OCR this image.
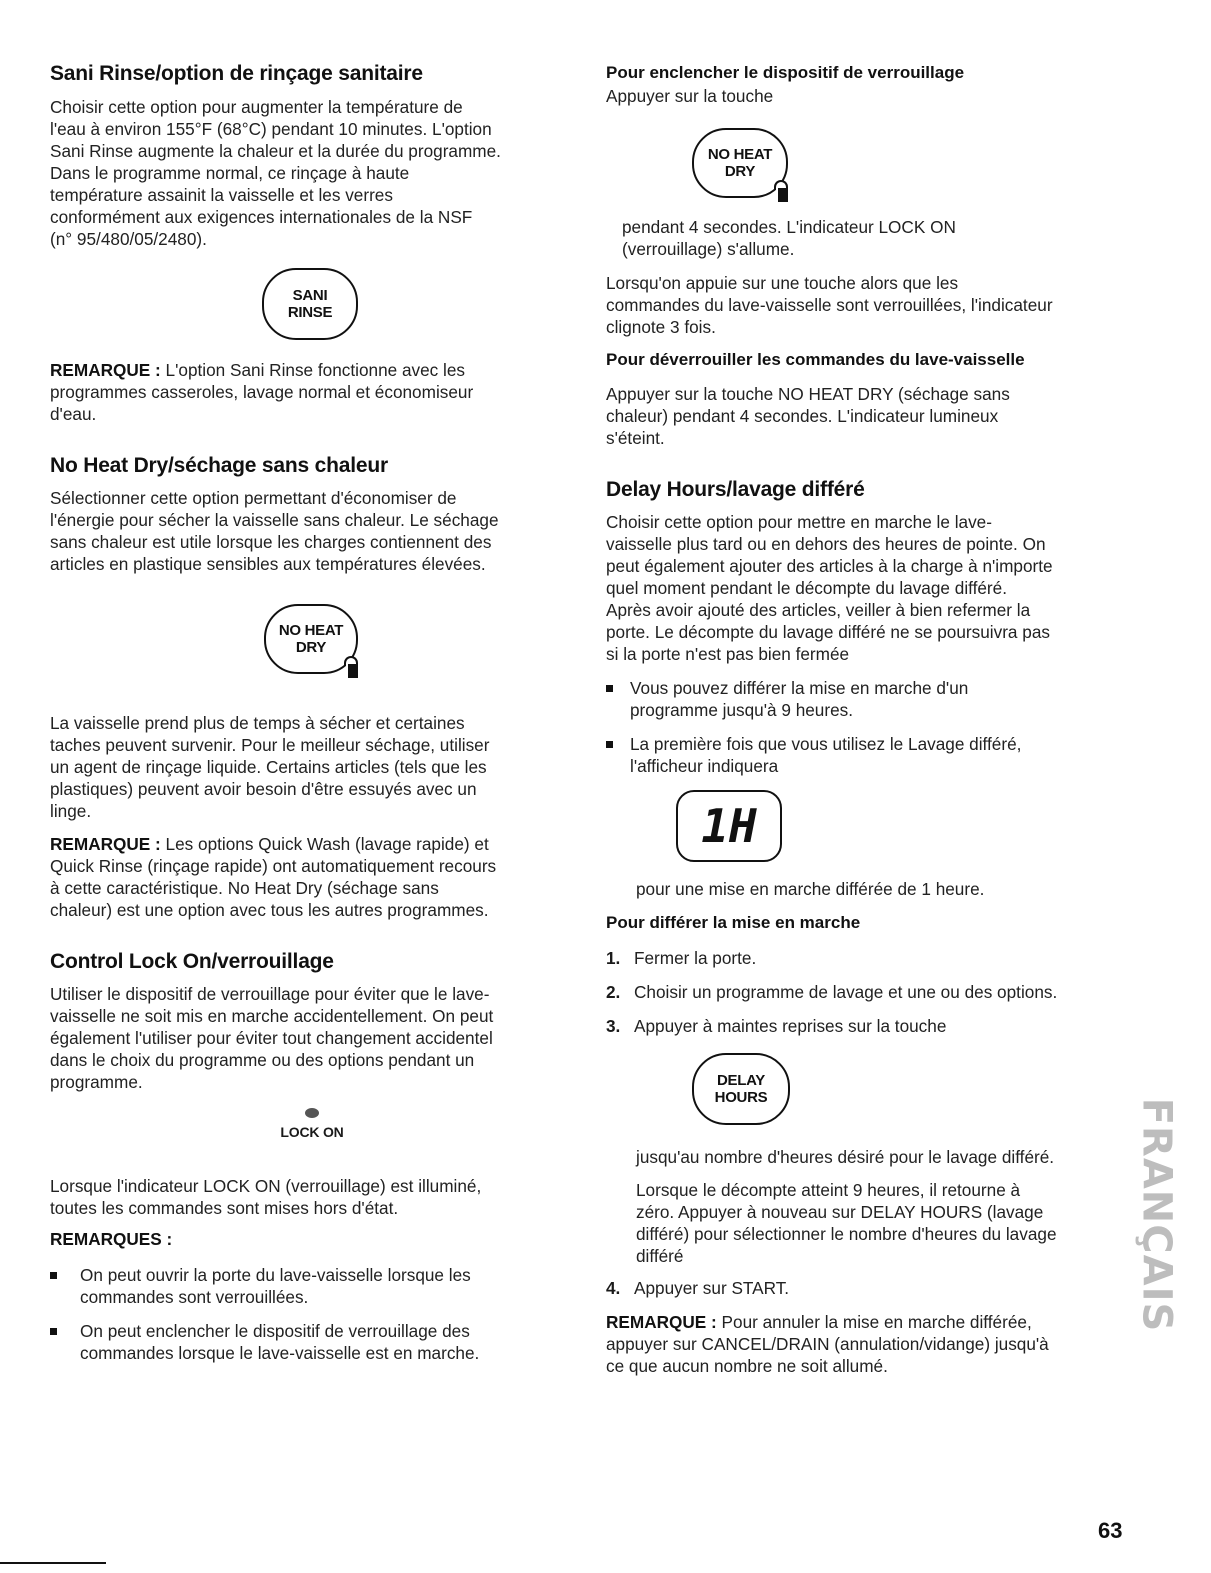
Sani Rinse/option de rinçage sanitaire

Choisir cette option pour augmenter la température de

l'eau à environ 155°F (68°C) pendant 10 minutes. L'option

Sani Rinse augmente la chaleur et la durée du programme.

Dans le programme normal, ce rinçage à haute

température assainit la vaisselle et les verres

conformément aux exigences internationales de la NSF

(n° 95/480/05/2480).

SANI
RINSE

REMARQUE : L'option Sani Rinse fonctionne avec les

programmes casseroles, lavage normal et économiseur

d'eau.

No Heat Dry/séchage sans chaleur

Sélectionner cette option permettant d'économiser de

l'énergie pour sécher la vaisselle sans chaleur. Le séchage

sans chaleur est utile lorsque les charges contiennent des

articles en plastique sensibles aux températures élevées.

NO HEAT
DRY

La vaisselle prend plus de temps à sécher et certaines

taches peuvent survenir. Pour le meilleur séchage, utiliser

un agent de rinçage liquide. Certains articles (tels que les

plastiques) peuvent avoir besoin d'être essuyés avec un

linge.

REMARQUE : Les options Quick Wash (lavage rapide) et

Quick Rinse (rinçage rapide) ont automatiquement recours

à cette caractéristique. No Heat Dry (séchage sans

chaleur) est une option avec tous les autres programmes.

Control Lock On/verrouillage

Utiliser le dispositif de verrouillage pour éviter que le lave-

vaisselle ne soit mis en marche accidentellement. On peut

également l'utiliser pour éviter tout changement accidentel

dans le choix du programme ou des options pendant un

programme.

LOCK ON

Lorsque l'indicateur LOCK ON (verrouillage) est illuminé,

toutes les commandes sont mises hors d'état.

REMARQUES :

On peut ouvrir la porte du lave-vaisselle lorsque les

commandes sont verrouillées.

On peut enclencher le dispositif de verrouillage des

commandes lorsque le lave-vaisselle est en marche.

Pour enclencher le dispositif de verrouillage

Appuyer sur la touche

NO HEAT
DRY

pendant 4 secondes. L'indicateur LOCK ON

(verrouillage) s'allume.

Lorsqu'on appuie sur une touche alors que les

commandes du lave-vaisselle sont verrouillées, l'indicateur

clignote 3 fois.

Pour déverrouiller les commandes du lave-vaisselle

Appuyer sur la touche NO HEAT DRY (séchage sans

chaleur) pendant 4 secondes. L'indicateur lumineux

s'éteint.

Delay Hours/lavage différé

Choisir cette option pour mettre en marche le lave-

vaisselle plus tard ou en dehors des heures de pointe. On

peut également ajouter des articles à la charge à n'importe

quel moment pendant le décompte du lavage différé.

Après avoir ajouté des articles, veiller à bien refermer la

porte. Le décompte du lavage différé ne se poursuivra pas

si la porte n'est pas bien fermée

Vous pouvez différer la mise en marche d'un

programme jusqu'à 9 heures.

La première fois que vous utilisez le Lavage différé,

l'afficheur indiquera

1H

pour une mise en marche différée de 1 heure.

Pour différer la mise en marche
1. Fermer la porte.

2. Choisir un programme de lavage et une ou des options.

3. Appuyer à maintes reprises sur la touche

DELAY
HOURS

jusqu'au nombre d'heures désiré pour le lavage différé.

Lorsque le décompte atteint 9 heures, il retourne à

zéro. Appuyer à nouveau sur DELAY HOURS (lavage

différé) pour sélectionner le nombre d'heures du lavage

différé

4. Appuyer sur START.

REMARQUE : Pour annuler la mise en marche différée,

appuyer sur CANCEL/DRAIN (annulation/vidange) jusqu'à

ce que aucun nombre ne soit allumé.

FRANÇAIS
63
